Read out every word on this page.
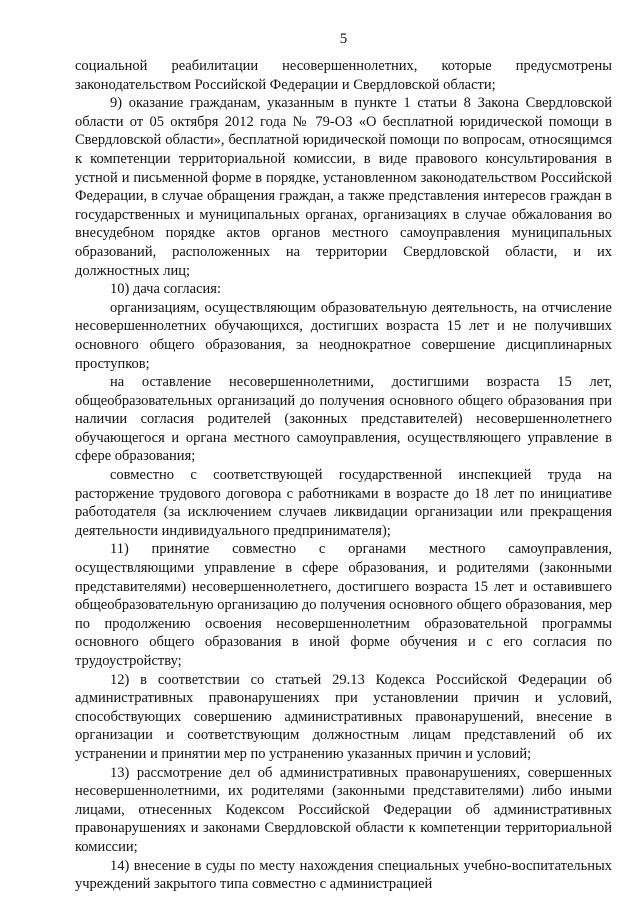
5

социальной реабилитации несовершеннолетних, которые предусмотрены законодательством Российской Федерации и Свердловской области;

9) оказание гражданам, указанным в пункте 1 статьи 8 Закона Свердловской области от 05 октября 2012 года № 79-ОЗ «О бесплатной юридической помощи в Свердловской области», бесплатной юридической помощи по вопросам, относящимся к компетенции территориальной комиссии, в виде правового консультирования в устной и письменной форме в порядке, установленном законодательством Российской Федерации, в случае обращения граждан, а также представления интересов граждан в государственных и муниципальных органах, организациях в случае обжалования во внесудебном порядке актов органов местного самоуправления муниципальных образований, расположенных на территории Свердловской области, и их должностных лиц;

10) дача согласия:

организациям, осуществляющим образовательную деятельность, на отчисление несовершеннолетних обучающихся, достигших возраста 15 лет и не получивших основного общего образования, за неоднократное совершение дисциплинарных проступков;

на оставление несовершеннолетними, достигшими возраста 15 лет, общеобразовательных организаций до получения основного общего образования при наличии согласия родителей (законных представителей) несовершеннолетнего обучающегося и органа местного самоуправления, осуществляющего управление в сфере образования;

совместно с соответствующей государственной инспекцией труда на расторжение трудового договора с работниками в возрасте до 18 лет по инициативе работодателя (за исключением случаев ликвидации организации или прекращения деятельности индивидуального предпринимателя);

11) принятие совместно с органами местного самоуправления, осуществляющими управление в сфере образования, и родителями (законными представителями) несовершеннолетнего, достигшего возраста 15 лет и оставившего общеобразовательную организацию до получения основного общего образования, мер по продолжению освоения несовершеннолетним образовательной программы основного общего образования в иной форме обучения и с его согласия по трудоустройству;

12) в соответствии со статьей 29.13 Кодекса Российской Федерации об административных правонарушениях при установлении причин и условий, способствующих совершению административных правонарушений, внесение в организации и соответствующим должностным лицам представлений об их устранении и принятии мер по устранению указанных причин и условий;

13) рассмотрение дел об административных правонарушениях, совершенных несовершеннолетними, их родителями (законными представителями) либо иными лицами, отнесенных Кодексом Российской Федерации об административных правонарушениях и законами Свердловской области к компетенции территориальной комиссии;

14) внесение в суды по месту нахождения специальных учебно-воспитательных учреждений закрытого типа совместно с администрацией
